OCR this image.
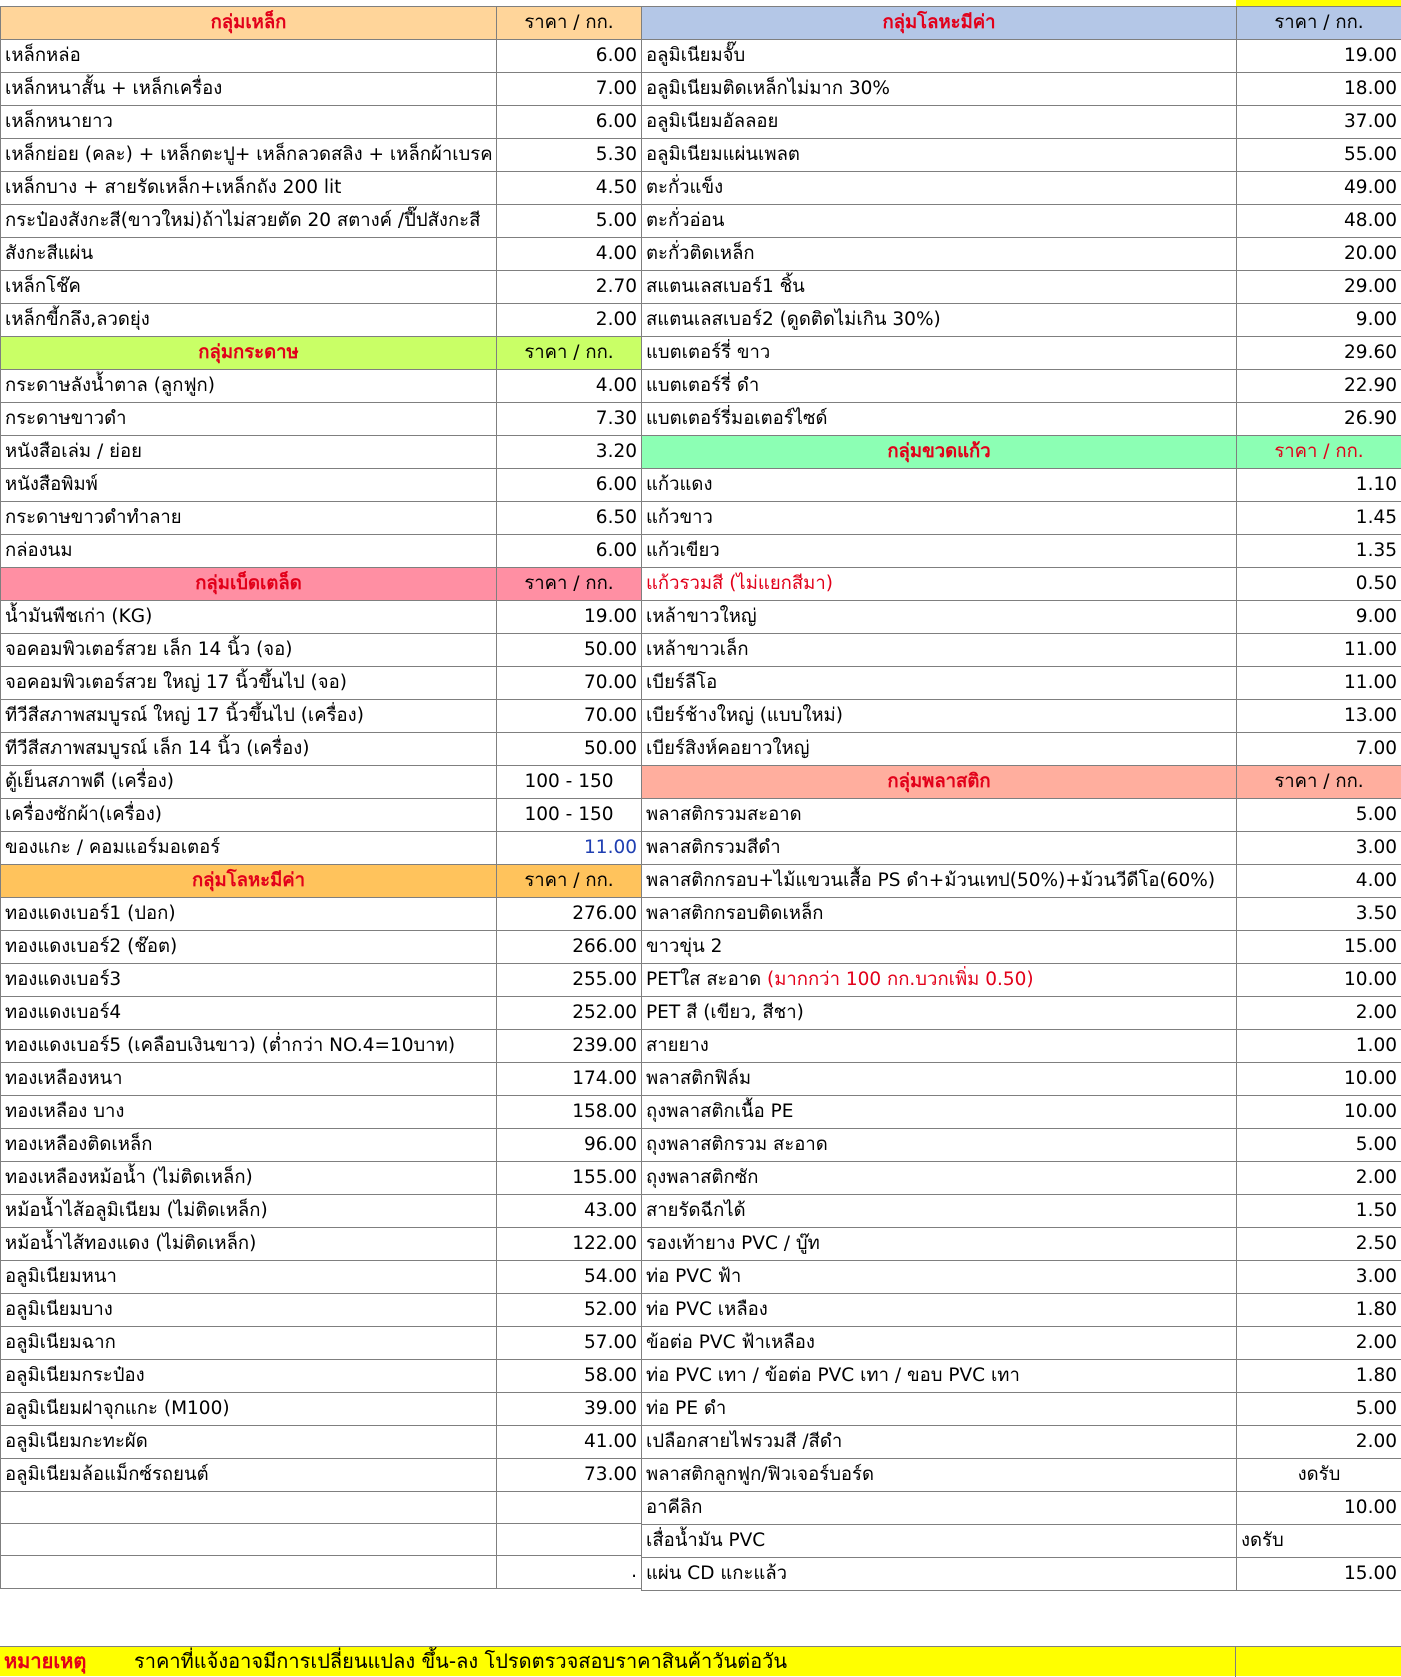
กลุ่มเหล็ก	ราคา / กก.
เหล็กหล่อ	6.00
เหล็กหนาสั้น + เหล็กเครื่อง	7.00
เหล็กหนายาว	6.00
เหล็กย่อย (คละ) + เหล็กตะปู+ เหล็กลวดสลิง + เหล็กผ้าเบรค	5.30
เหล็กบาง + สายรัดเหล็ก+เหล็กถัง 200 lit	4.50
กระป๋องสังกะสี(ขาวใหม่)ถ้าไม่สวยตัด 20 สตางค์ /ปี๊ปสังกะสี	5.00
สังกะสีแผ่น	4.00
เหล็กโช๊ค	2.70
เหล็กขี้กลึง,ลวดยุ่ง	2.00
กลุ่มกระดาษ	ราคา / กก.
กระดาษลังน้ำตาล (ลูกฟูก)	4.00
กระดาษขาวดำ	7.30
หนังสือเล่ม / ย่อย	3.20
หนังสือพิมพ์	6.00
กระดาษขาวดำทำลาย	6.50
กล่องนม	6.00
กลุ่มเบ็ดเตล็ด	ราคา / กก.
น้ำมันพืชเก่า (KG)	19.00
จอคอมพิวเตอร์สวย เล็ก 14 นิ้ว (จอ)	50.00
จอคอมพิวเตอร์สวย ใหญ่ 17 นิ้วขึ้นไป (จอ)	70.00
ทีวีสีสภาพสมบูรณ์ ใหญ่ 17 นิ้วขึ้นไป (เครื่อง)	70.00
ทีวีสีสภาพสมบูรณ์ เล็ก 14 นิ้ว (เครื่อง)	50.00
ตู้เย็นสภาพดี (เครื่อง)	100 - 150
เครื่องซักผ้า(เครื่อง)	100 - 150
ของแกะ / คอมแอร์มอเตอร์	11.00
กลุ่มโลหะมีค่า	ราคา / กก.
ทองแดงเบอร์1 (ปอก)	276.00
ทองแดงเบอร์2 (ช๊อต)	266.00
ทองแดงเบอร์3	255.00
ทองแดงเบอร์4	252.00
ทองแดงเบอร์5 (เคลือบเงินขาว) (ต่ำกว่า NO.4=10บาท)	239.00
ทองเหลืองหนา	174.00
ทองเหลือง บาง	158.00
ทองเหลืองติดเหล็ก	96.00
ทองเหลืองหม้อน้ำ (ไม่ติดเหล็ก)	155.00
หม้อน้ำไส้อลูมิเนียม (ไม่ติดเหล็ก)	43.00
หม้อน้ำไส้ทองแดง (ไม่ติดเหล็ก)	122.00
อลูมิเนียมหนา	54.00
อลูมิเนียมบาง	52.00
อลูมิเนียมฉาก	57.00
อลูมิเนียมกระป๋อง	58.00
อลูมิเนียมฝาจุกแกะ (M100)	39.00
อลูมิเนียมกะทะผัด	41.00
อลูมิเนียมล้อแม็กซ์รถยนต์	73.00

	.
กลุ่มโลหะมีค่า	ราคา / กก.
อลูมิเนียมจั๊บ	19.00
อลูมิเนียมติดเหล็กไม่มาก 30%	18.00
อลูมิเนียมอัลลอย	37.00
อลูมิเนียมแผ่นเพลต	55.00
ตะกั่วแข็ง	49.00
ตะกั่วอ่อน	48.00
ตะกั่วติดเหล็ก	20.00
สแตนเลสเบอร์1 ชิ้น	29.00
สแตนเลสเบอร์2 (ดูดติดไม่เกิน 30%)	9.00
แบตเตอร์รี่ ขาว	29.60
แบตเตอร์รี่ ดำ	22.90
แบตเตอร์รี่มอเตอร์ไซด์	26.90
กลุ่มขวดแก้ว	ราคา / กก.
แก้วแดง	1.10
แก้วขาว	1.45
แก้วเขียว	1.35
แก้วรวมสี (ไม่แยกสีมา)	0.50
เหล้าขาวใหญ่	9.00
เหล้าขาวเล็ก	11.00
เบียร์ลีโอ	11.00
เบียร์ช้างใหญ่ (แบบใหม่)	13.00
เบียร์สิงห์คอยาวใหญ่	7.00
กลุ่มพลาสติก	ราคา / กก.
พลาสติกรวมสะอาด	5.00
พลาสติกรวมสีดำ	3.00
พลาสติกกรอบ+ไม้แขวนเสื้อ PS ดำ+ม้วนเทป(50%)+ม้วนวีดีโอ(60%)	4.00
พลาสติกกรอบติดเหล็ก	3.50
ขาวขุ่น 2	15.00
PETใส สะอาด (มากกว่า 100 กก.บวกเพิ่ม 0.50)	10.00
PET สี (เขียว, สีชา)	2.00
สายยาง	1.00
พลาสติกฟิล์ม	10.00
ถุงพลาสติกเนื้อ PE	10.00
ถุงพลาสติกรวม สะอาด	5.00
ถุงพลาสติกซัก	2.00
สายรัดฉีกได้	1.50
รองเท้ายาง PVC / บู๊ท	2.50
ท่อ PVC ฟ้า	3.00
ท่อ PVC เหลือง	1.80
ข้อต่อ PVC ฟ้าเหลือง	2.00
ท่อ PVC เทา / ข้อต่อ PVC เทา / ขอบ PVC เทา	1.80
ท่อ PE ดำ	5.00
เปลือกสายไฟรวมสี /สีดำ	2.00
พลาสติกลูกฟูก/ฟิวเจอร์บอร์ด	งดรับ
อาคีลิก	10.00
เสื่อน้ำมัน PVC	งดรับ
แผ่น CD แกะแล้ว	15.00
หมายเหตุ ราคาที่แจ้งอาจมีการเปลี่ยนแปลง ขึ้น-ลง โปรดตรวจสอบราคาสินค้าวันต่อวัน
